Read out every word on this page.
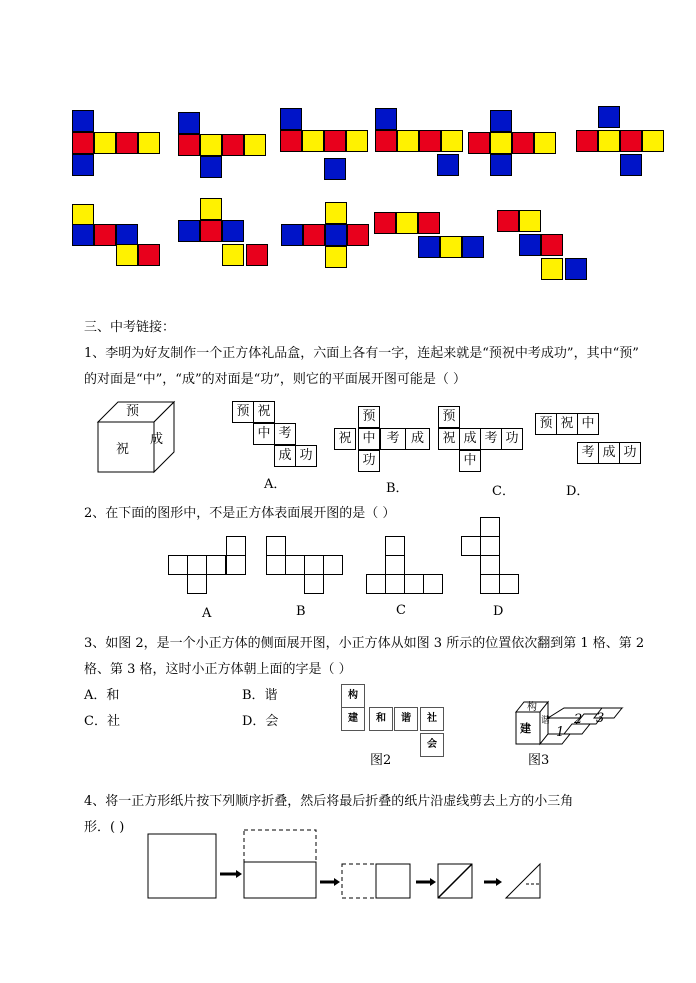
三、中考链接：
1、李明为好友制作一个正方体礼品盒，六面上各有一字，连起来就是“预祝中考成功”，其中“预”
的对面是“中”，“成”的对面是“功”，则它的平面展开图可能是（ ）
预
祝
成
预 祝
中 考
成 功
A．
预
祝 中 考 成
功
B．
预
祝 成 考 功
中
C．
预 祝 中
考 成 功
D．
2、在下面的图形中，不是正方体表面展开图的是（ ）
A	B	C	D
3、如图 2，是一个小正方体的侧面展开图，小正方体从如图 3 所示的位置依次翻到第 1 格、第 2
格、第 3 格，这时小正方体朝上面的字是（ ）
A．和	B．谐
C．社	D．会
构
建	和	谐	社
会
图2
构
建
谐
1
2 3
图3
4、将一正方形纸片按下列顺序折叠，然后将最后折叠的纸片沿虚线剪去上方的小三角
形．( )
